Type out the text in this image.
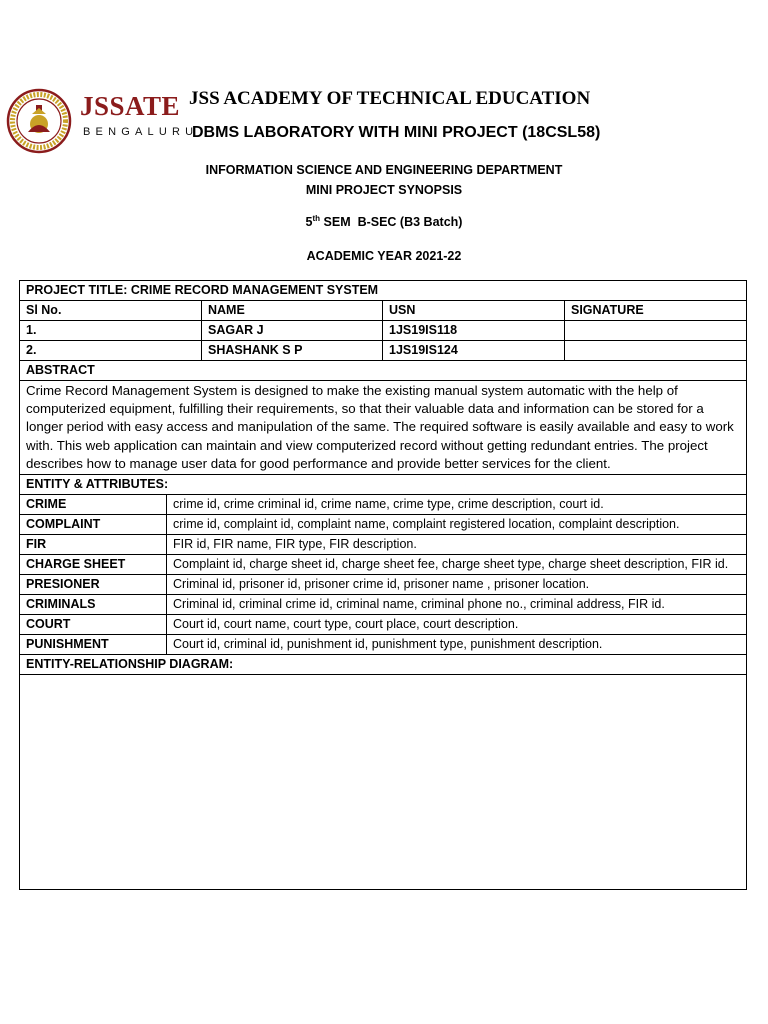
JSSATE
BENGALURU
JSS ACADEMY OF TECHNICAL EDUCATION
DBMS LABORATORY WITH MINI PROJECT (18CSL58)
INFORMATION SCIENCE AND ENGINEERING DEPARTMENT
MINI PROJECT SYNOPSIS
5th SEM  B-SEC (B3 Batch)
ACADEMIC YEAR 2021-22
PROJECT TITLE: CRIME RECORD MANAGEMENT SYSTEM				
Sl No.		NAME	USN	SIGNATURE
1.		SAGAR J	1JS19IS118	
2.		SHASHANK S P	1JS19IS124	
ABSTRACT				
Crime Record Management System is designed to make the existing manual system automatic with the help of computerized equipment, fulfilling their requirements, so that their valuable data and information can be stored for a longer period with easy access and manipulation of the same. The required software is easily available and easy to work with. This web application can maintain and view computerized record without getting redundant entries. The project describes how to manage user data for good performance and provide better services for the client.				
ENTITY & ATTRIBUTES:				
CRIME	crime id, crime criminal id, crime name, crime type, crime description, court id.			
COMPLAINT	crime id, complaint id, complaint name, complaint registered location, complaint description.			
FIR	FIR id, FIR name, FIR type, FIR description.			
CHARGE SHEET	Complaint id, charge sheet id, charge sheet fee, charge sheet type, charge sheet description, FIR id.			
PRESIONER	Criminal id, prisoner id, prisoner crime id, prisoner name , prisoner location.			
CRIMINALS	Criminal id, criminal crime id, criminal name, criminal phone no., criminal address, FIR id.			
COURT	Court id, court name, court type, court place, court description.			
PUNISHMENT	Court id, criminal id, punishment id, punishment type, punishment description.			
ENTITY-RELATIONSHIP DIAGRAM:				
